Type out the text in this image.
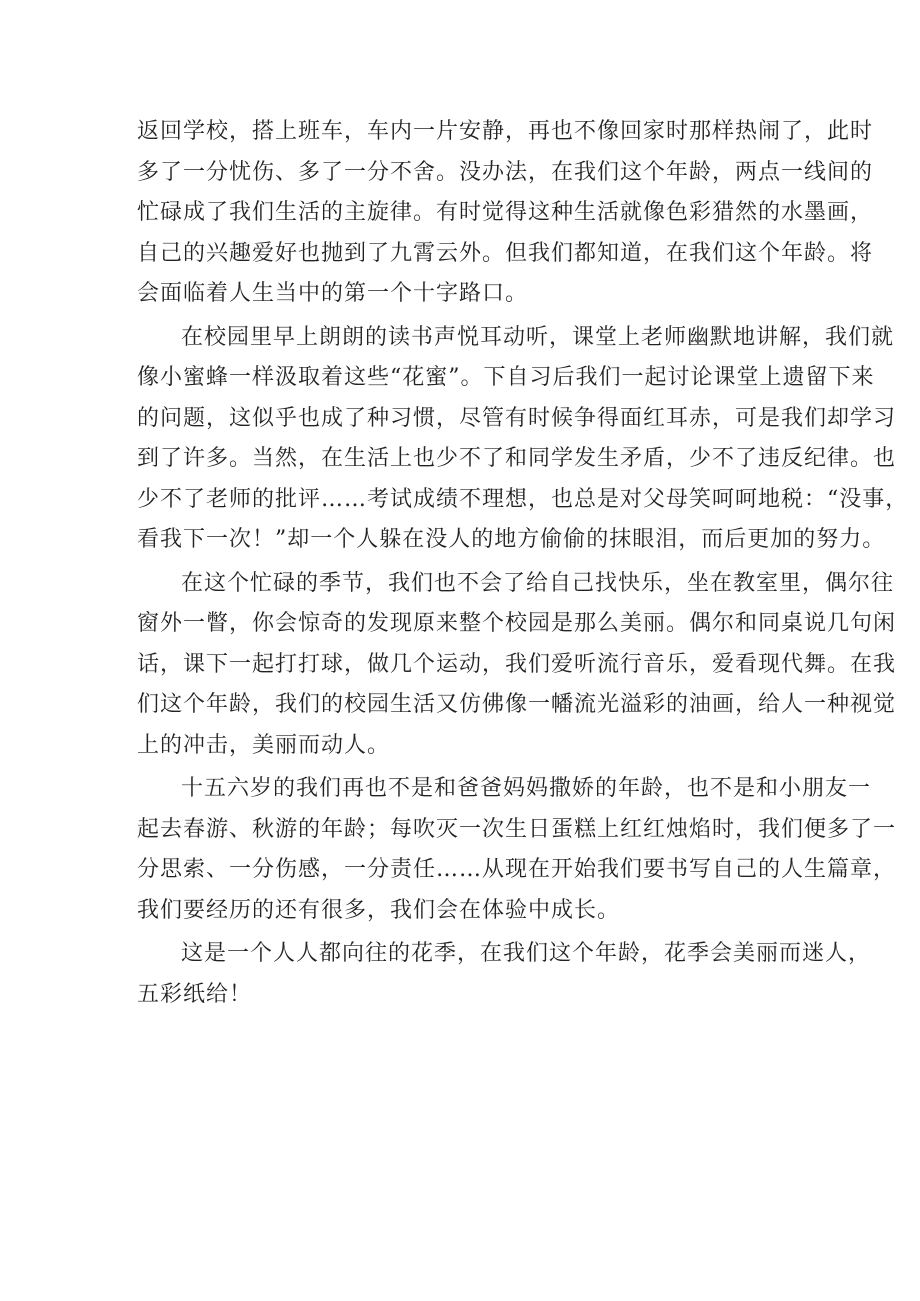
返回学校，搭上班车，车内一片安静，再也不像回家时那样热闹了，此时
多了一分忧伤、多了一分不舍。没办法，在我们这个年龄，两点一线间的
忙碌成了我们生活的主旋律。有时觉得这种生活就像色彩猎然的水墨画，
自己的兴趣爱好也抛到了九霄云外。但我们都知道，在我们这个年龄。将
会面临着人生当中的第一个十字路口。
在校园里早上朗朗的读书声悦耳动听，课堂上老师幽默地讲解，我们就
像小蜜蜂一样汲取着这些“花蜜”。下自习后我们一起讨论课堂上遗留下来
的问题，这似乎也成了种习惯，尽管有时候争得面红耳赤，可是我们却学习
到了许多。当然，在生活上也少不了和同学发生矛盾，少不了违反纪律。也
少不了老师的批评……考试成绩不理想，也总是对父母笑呵呵地税：“没事，
看我下一次！”却一个人躲在没人的地方偷偷的抹眼泪，而后更加的努力。
在这个忙碌的季节，我们也不会了给自己找快乐，坐在教室里，偶尔往
窗外一瞥，你会惊奇的发现原来整个校园是那么美丽。偶尔和同桌说几句闲
话，课下一起打打球，做几个运动，我们爱听流行音乐，爱看现代舞。在我
们这个年龄，我们的校园生活又仿佛像一幡流光溢彩的油画，给人一种视觉
上的冲击，美丽而动人。
十五六岁的我们再也不是和爸爸妈妈撒娇的年龄，也不是和小朋友一
起去春游、秋游的年龄；每吹灭一次生日蛋糕上红红烛焰时，我们便多了一
分思索、一分伤感，一分责任……从现在开始我们要书写自己的人生篇章，
我们要经历的还有很多，我们会在体验中成长。
这是一个人人都向往的花季，在我们这个年龄，花季会美丽而迷人，
五彩纸给！
